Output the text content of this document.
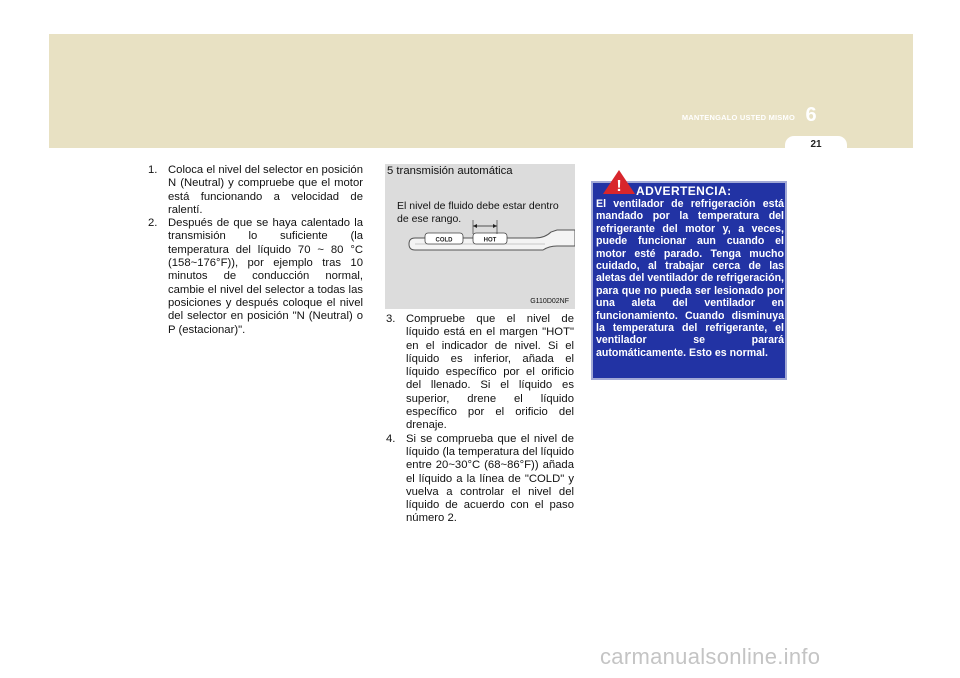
MANTENGALO USTED MISMO 6
21
1. Coloca el nivel del selector en posición N (Neutral) y compruebe que el motor está funcionando a velocidad de ralentí.
2. Después de que se haya calentado la transmisión lo suficiente (la temperatura del líquido 70 ~ 80 °C (158~176°F)), por ejemplo tras 10 minutos de conducción normal, cambie el nivel del selector a todas las posiciones y después coloque el nivel del selector en posición "N (Neutral) o P (estacionar)".
COLD	HOT
5 transmisión automática
El nivel de fluido debe estar dentro de ese rango.
G110D02NF
3. Compruebe que el nivel de líquido está en el margen "HOT" en el indicador de nivel. Si el líquido es inferior, añada el líquido específico por el orificio del llenado. Si el líquido es superior, drene el líquido específico por el orificio del drenaje.
4. Si se comprueba que el nivel de líquido (la temperatura del líquido entre 20~30°C (68~86°F)) añada el líquido a la línea de "COLD" y vuelva a controlar el nivel del líquido de acuerdo con el paso número 2.
! ADVERTENCIA:
El ventilador de refrigeración está mandado por la temperatura del refrigerante del motor y, a veces, puede funcionar aun cuando el motor esté parado. Tenga mucho cuidado, al trabajar cerca de las aletas del ventilador de refrigeración, para que no pueda ser lesionado por una aleta del ventilador en funcionamiento. Cuando disminuya la temperatura del refrigerante, el ventilador se parará automáticamente. Esto es normal.
carmanualsonline.info
